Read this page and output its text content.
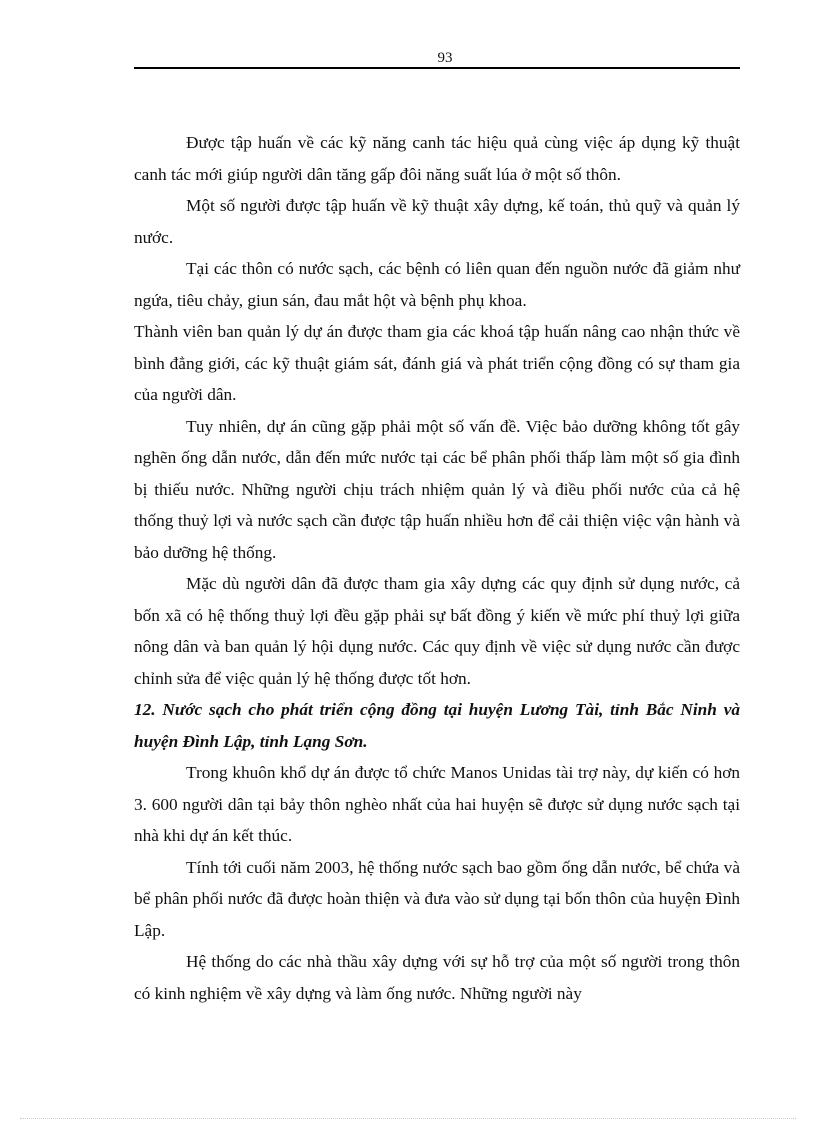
93

Được tập huấn về các kỹ năng canh tác hiệu quả cùng việc áp dụng kỹ thuật canh tác mới giúp người dân tăng gấp đôi năng suất lúa ở một số thôn.

Một số người được tập huấn về kỹ thuật xây dựng, kế toán, thủ quỹ và quản lý nước.

Tại các thôn có nước sạch, các bệnh có liên quan đến nguồn nước đã giảm như ngứa, tiêu chảy, giun sán, đau mắt hột và bệnh phụ khoa.

Thành viên ban quản lý dự án được tham gia các khoá tập huấn nâng cao nhận thức về bình đẳng giới, các kỹ thuật giám sát, đánh giá và phát triển cộng đồng có sự tham gia của người dân.

Tuy nhiên, dự án cũng gặp phải một số vấn đề. Việc bảo dưỡng không tốt gây nghẽn ống dẫn nước, dẫn đến mức nước tại các bể phân phối thấp làm một số gia đình bị thiếu nước. Những người chịu trách nhiệm quản lý và điều phối nước của cả hệ thống thuỷ lợi và nước sạch cần được tập huấn nhiều hơn để cải thiện việc vận hành và bảo dưỡng hệ thống.

Mặc dù người dân đã được tham gia xây dựng các quy định sử dụng nước, cả bốn xã có hệ thống thuỷ lợi đều gặp phải sự bất đồng ý kiến về mức phí thuỷ lợi giữa nông dân và ban quản lý hội dụng nước. Các quy định về việc sử dụng nước cần được chỉnh sửa để việc quản lý hệ thống được tốt hơn.

12. Nước sạch cho phát triển cộng đồng tại huyện Lương Tài, tỉnh Bắc Ninh và huyện Đình Lập, tỉnh Lạng Sơn.

Trong khuôn khổ dự án được tổ chức Manos Unidas tài trợ này, dự kiến có hơn 3. 600 người dân tại bảy thôn nghèo nhất của hai huyện sẽ được sử dụng nước sạch tại nhà khi dự án kết thúc.

Tính tới cuối năm 2003, hệ thống nước sạch bao gồm ống dẫn nước, bể chứa và bể phân phối nước đã được hoàn thiện và đưa vào sử dụng tại bốn thôn của huyện Đình Lập.

Hệ thống do các nhà thầu xây dựng với sự hỗ trợ của một số người trong thôn có kinh nghiệm về xây dựng và làm ống nước. Những người này
